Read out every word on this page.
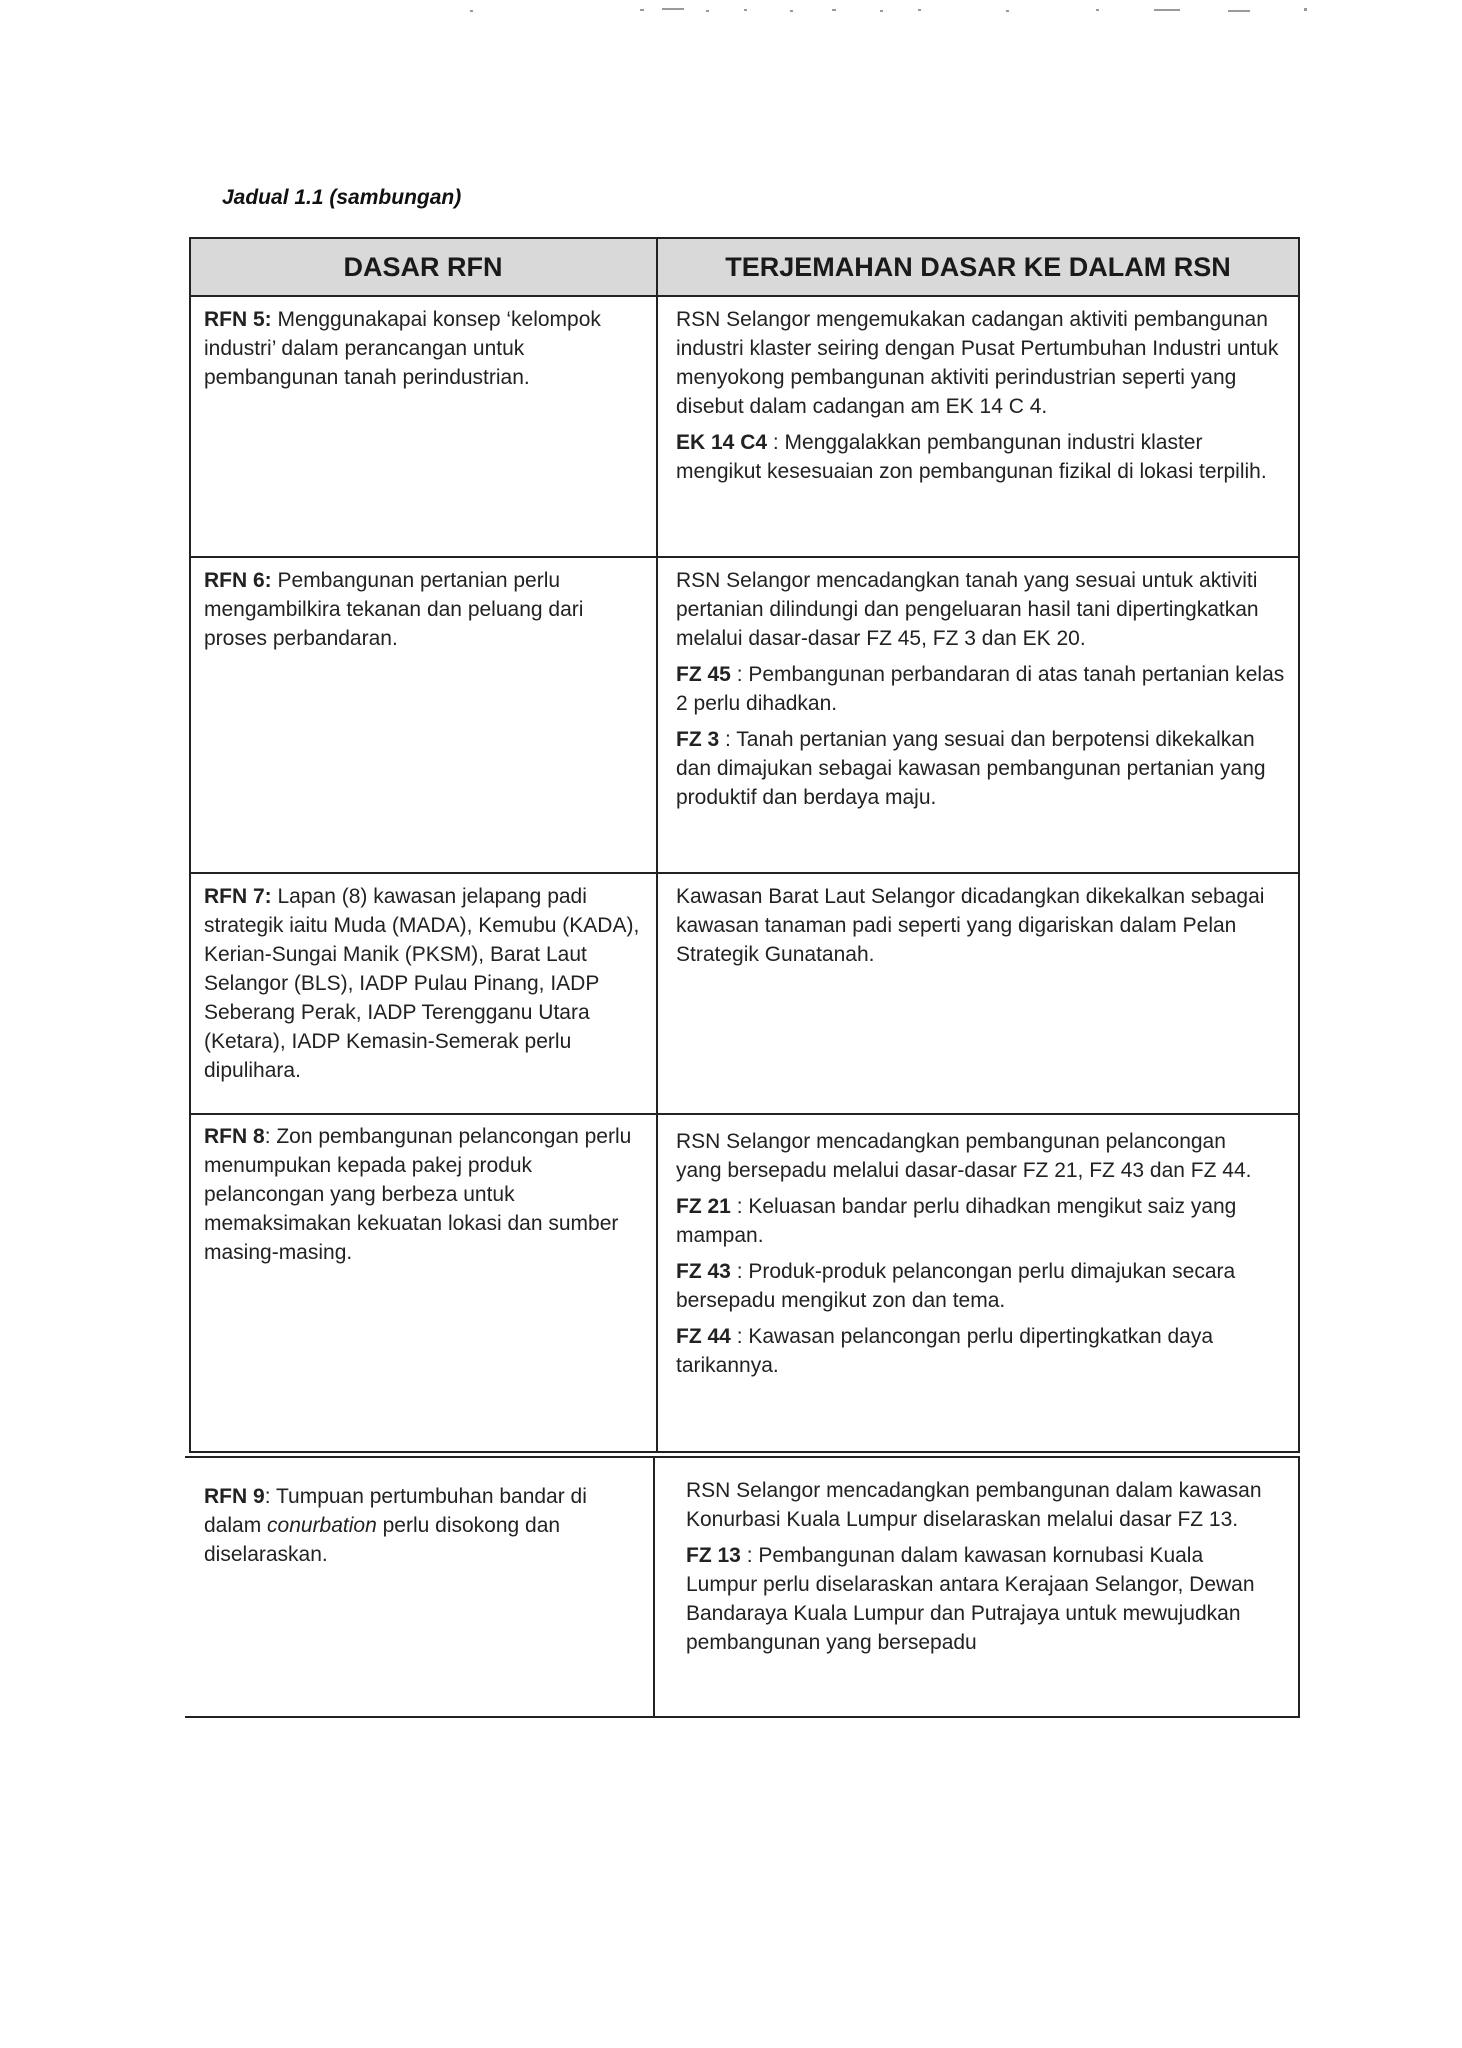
Jadual 1.1 (sambungan)
DASAR RFN	TERJEMAHAN DASAR KE DALAM RSN

RFN 5: Menggunakapai konsep ‘kelompok industri’ dalam perancangan untuk pembangunan tanah perindustrian.

RSN Selangor mengemukakan cadangan aktiviti pembangunan industri klaster seiring dengan Pusat Pertumbuhan Industri untuk menyokong pembangunan aktiviti perindustrian seperti yang disebut dalam cadangan am EK 14 C 4.

EK 14 C4 : Menggalakkan pembangunan industri klaster mengikut kesesuaian zon pembangunan fizikal di lokasi terpilih.

RFN 6: Pembangunan pertanian perlu mengambilkira tekanan dan peluang dari proses perbandaran.

RSN Selangor mencadangkan tanah yang sesuai untuk aktiviti pertanian dilindungi dan pengeluaran hasil tani dipertingkatkan melalui dasar-dasar FZ 45, FZ 3 dan EK 20.

FZ 45 : Pembangunan perbandaran di atas tanah pertanian kelas 2 perlu dihadkan.

FZ 3 : Tanah pertanian yang sesuai dan berpotensi dikekalkan dan dimajukan sebagai kawasan pembangunan pertanian yang produktif dan berdaya maju.

RFN 7: Lapan (8) kawasan jelapang padi strategik iaitu Muda (MADA), Kemubu (KADA), Kerian-Sungai Manik (PKSM), Barat Laut Selangor (BLS), IADP Pulau Pinang, IADP Seberang Perak, IADP Terengganu Utara (Ketara), IADP Kemasin-Semerak perlu dipulihara.

Kawasan Barat Laut Selangor dicadangkan dikekalkan sebagai kawasan tanaman padi seperti yang digariskan dalam Pelan Strategik Gunatanah.

RFN 8: Zon pembangunan pelancongan perlu menumpukan kepada pakej produk pelancongan yang berbeza untuk memaksimakan kekuatan lokasi dan sumber masing-masing.

RSN Selangor mencadangkan pembangunan pelancongan yang bersepadu melalui dasar-dasar FZ 21, FZ 43 dan FZ 44.

FZ 21 : Keluasan bandar perlu dihadkan mengikut saiz yang mampan.

FZ 43 : Produk-produk pelancongan perlu dimajukan secara bersepadu mengikut zon dan tema.

FZ 44 : Kawasan pelancongan perlu dipertingkatkan daya tarikannya.

RFN 9: Tumpuan pertumbuhan bandar di dalam conurbation perlu disokong dan diselaraskan.

RSN Selangor mencadangkan pembangunan dalam kawasan Konurbasi Kuala Lumpur diselaraskan melalui dasar FZ 13.

FZ 13 : Pembangunan dalam kawasan kornubasi Kuala Lumpur perlu diselaraskan antara Kerajaan Selangor, Dewan Bandaraya Kuala Lumpur dan Putrajaya untuk mewujudkan pembangunan yang bersepadu
